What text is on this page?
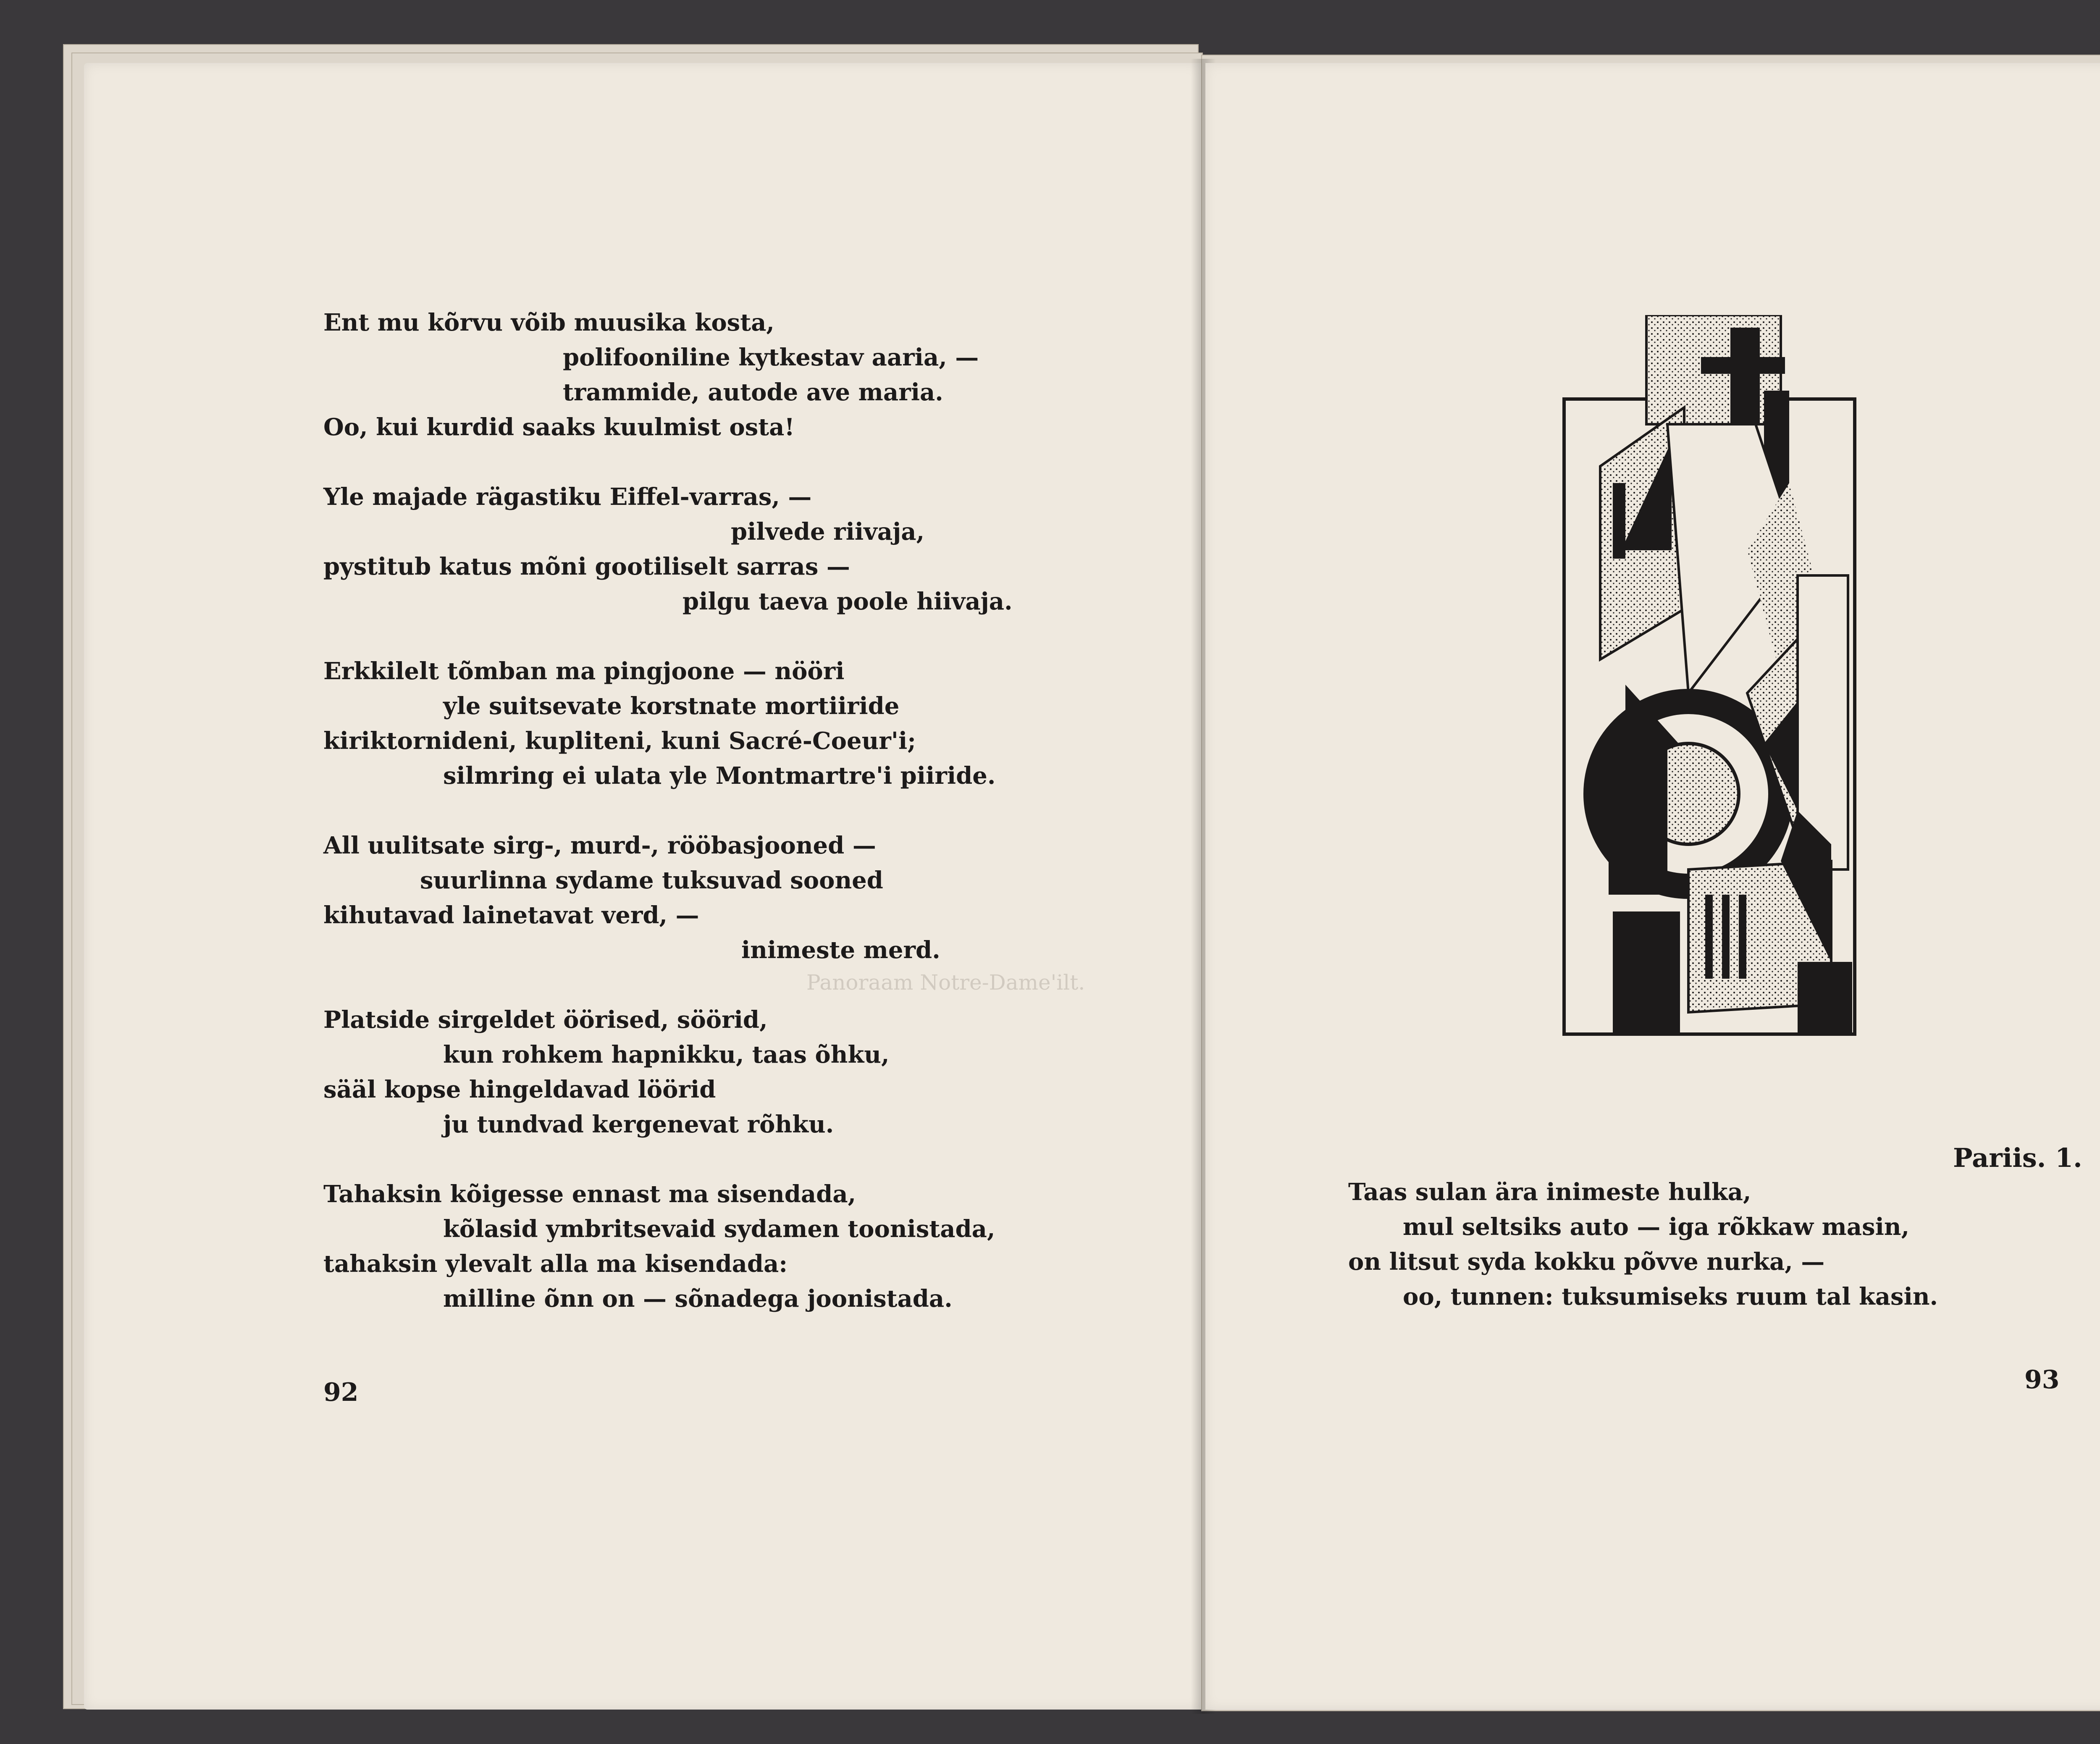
Panoraam Notre-Dame'ilt.
Ent mu kõrvu võib muusika kosta,
polifooniline kytkestav aaria, —
trammide, autode ave maria.
Oo, kui kurdid saaks kuulmist osta!
Yle majade rägastiku Eiffel-varras, —
pilvede riivaja,
pystitub katus mõni gootiliselt sarras —
pilgu taeva poole hiivaja.
Erkkilelt tõmban ma pingjoone — nööri
yle suitsevate korstnate mortiiride
kiriktornideni, kupliteni, kuni Sacré-Coeur'i;
silmring ei ulata yle Montmartre'i piiride.
All uulitsate sirg-, murd-, rööbasjooned —
suurlinna sydame tuksuvad sooned
kihutavad lainetavat verd, —
inimeste merd.
Platside sirgeldet öörised, söörid,
kun rohkem hapnikku, taas õhku,
sääl kopse hingeldavad löörid
ju tundvad kergenevat rõhku.
Tahaksin kõigesse ennast ma sisendada,
kõlasid ymbritsevaid sydamen toonistada,
tahaksin ylevalt alla ma kisendada:
milline õnn on — sõnadega joonistada.
92
Pariis. 1.
Taas sulan ära inimeste hulka,
mul seltsiks auto — iga rõkkaw masin,
on litsut syda kokku põvve nurka, —
oo, tunnen: tuksumiseks ruum tal kasin.
93
